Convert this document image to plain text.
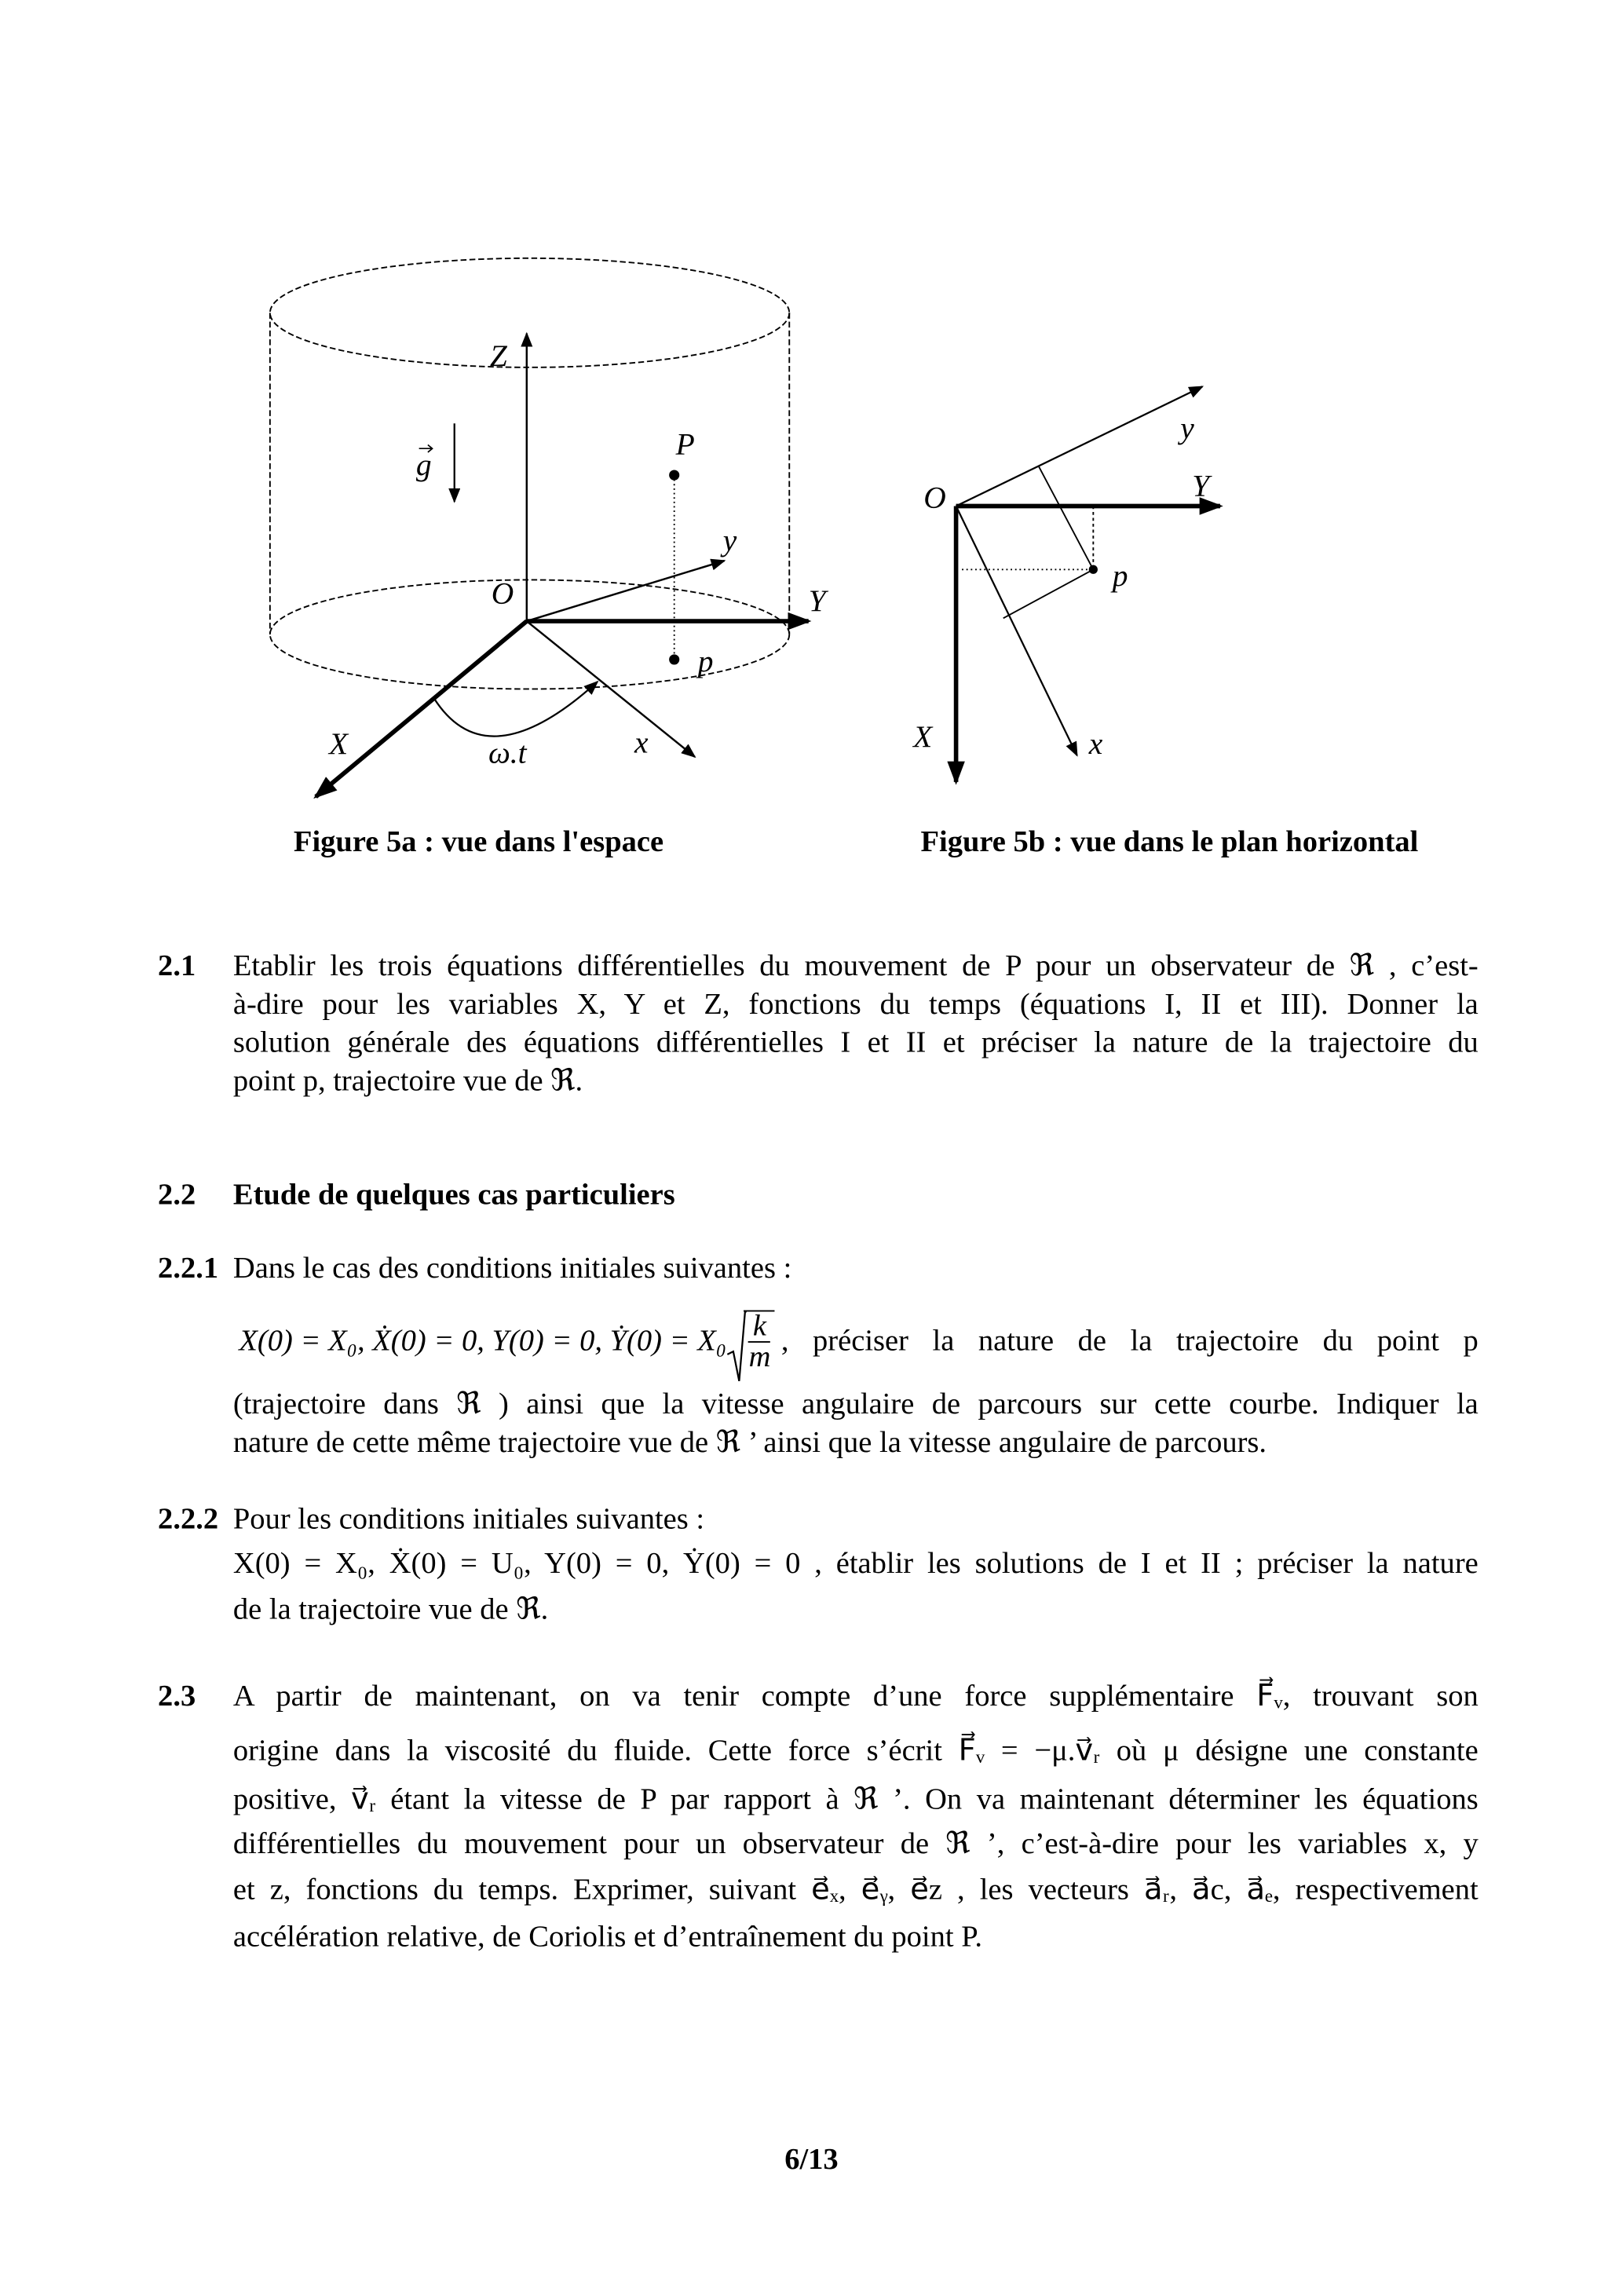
Z
g
P
y
O	Y
p
X	ω.t	x
y
Y
O
p
X	x
Figure 5a : vue dans l'espace	Figure 5b : vue dans le plan horizontal
2.1 Etablir les trois équations différentielles du mouvement de P pour un observateur de ℜ , c’est-
à-dire pour les variables X, Y et Z, fonctions du temps (équations I, II et III). Donner la
solution générale des équations différentielles I et II et préciser la nature de la trajectoire du
point p, trajectoire vue de ℜ.
2.2 Etude de quelques cas particuliers
2.2.1 Dans le cas des conditions initiales suivantes :
X(0) = X₀, Ẋ(0) = 0, Y(0) = 0, Ẏ(0) = $X_0 \frac{k}{m}$ , préciser la nature de la trajectoire du point p
(trajectoire dans ℜ ) ainsi que la vitesse angulaire de parcours sur cette courbe. Indiquer la
nature de cette même trajectoire vue de ℜ ’ ainsi que la vitesse angulaire de parcours.
2.2.2 Pour les conditions initiales suivantes :
X(0) = X₀, Ẋ(0) = U₀, Y(0) = 0, Ẏ(0) = 0 , établir les solutions de I et II ; préciser la nature
de la trajectoire vue de ℜ.
2.3 A partir de maintenant, on va tenir compte d’une force supplémentaire F⃗ᵥ, trouvant son
origine dans la viscosité du fluide. Cette force s’écrit F⃗ᵥ = −μ.v⃗ᵣ où μ désigne une constante
positive, v⃗ᵣ étant la vitesse de P par rapport à ℜ ’. On va maintenant déterminer les équations
différentielles du mouvement pour un observateur de ℜ ’, c’est-à-dire pour les variables x, y
et z, fonctions du temps. Exprimer, suivant e⃗ₓ, e⃗ᵧ, e⃗z , les vecteurs a⃗ᵣ, a⃗c, a⃗ₑ, respectivement
accélération relative, de Coriolis et d’entraînement du point P.
6/13
